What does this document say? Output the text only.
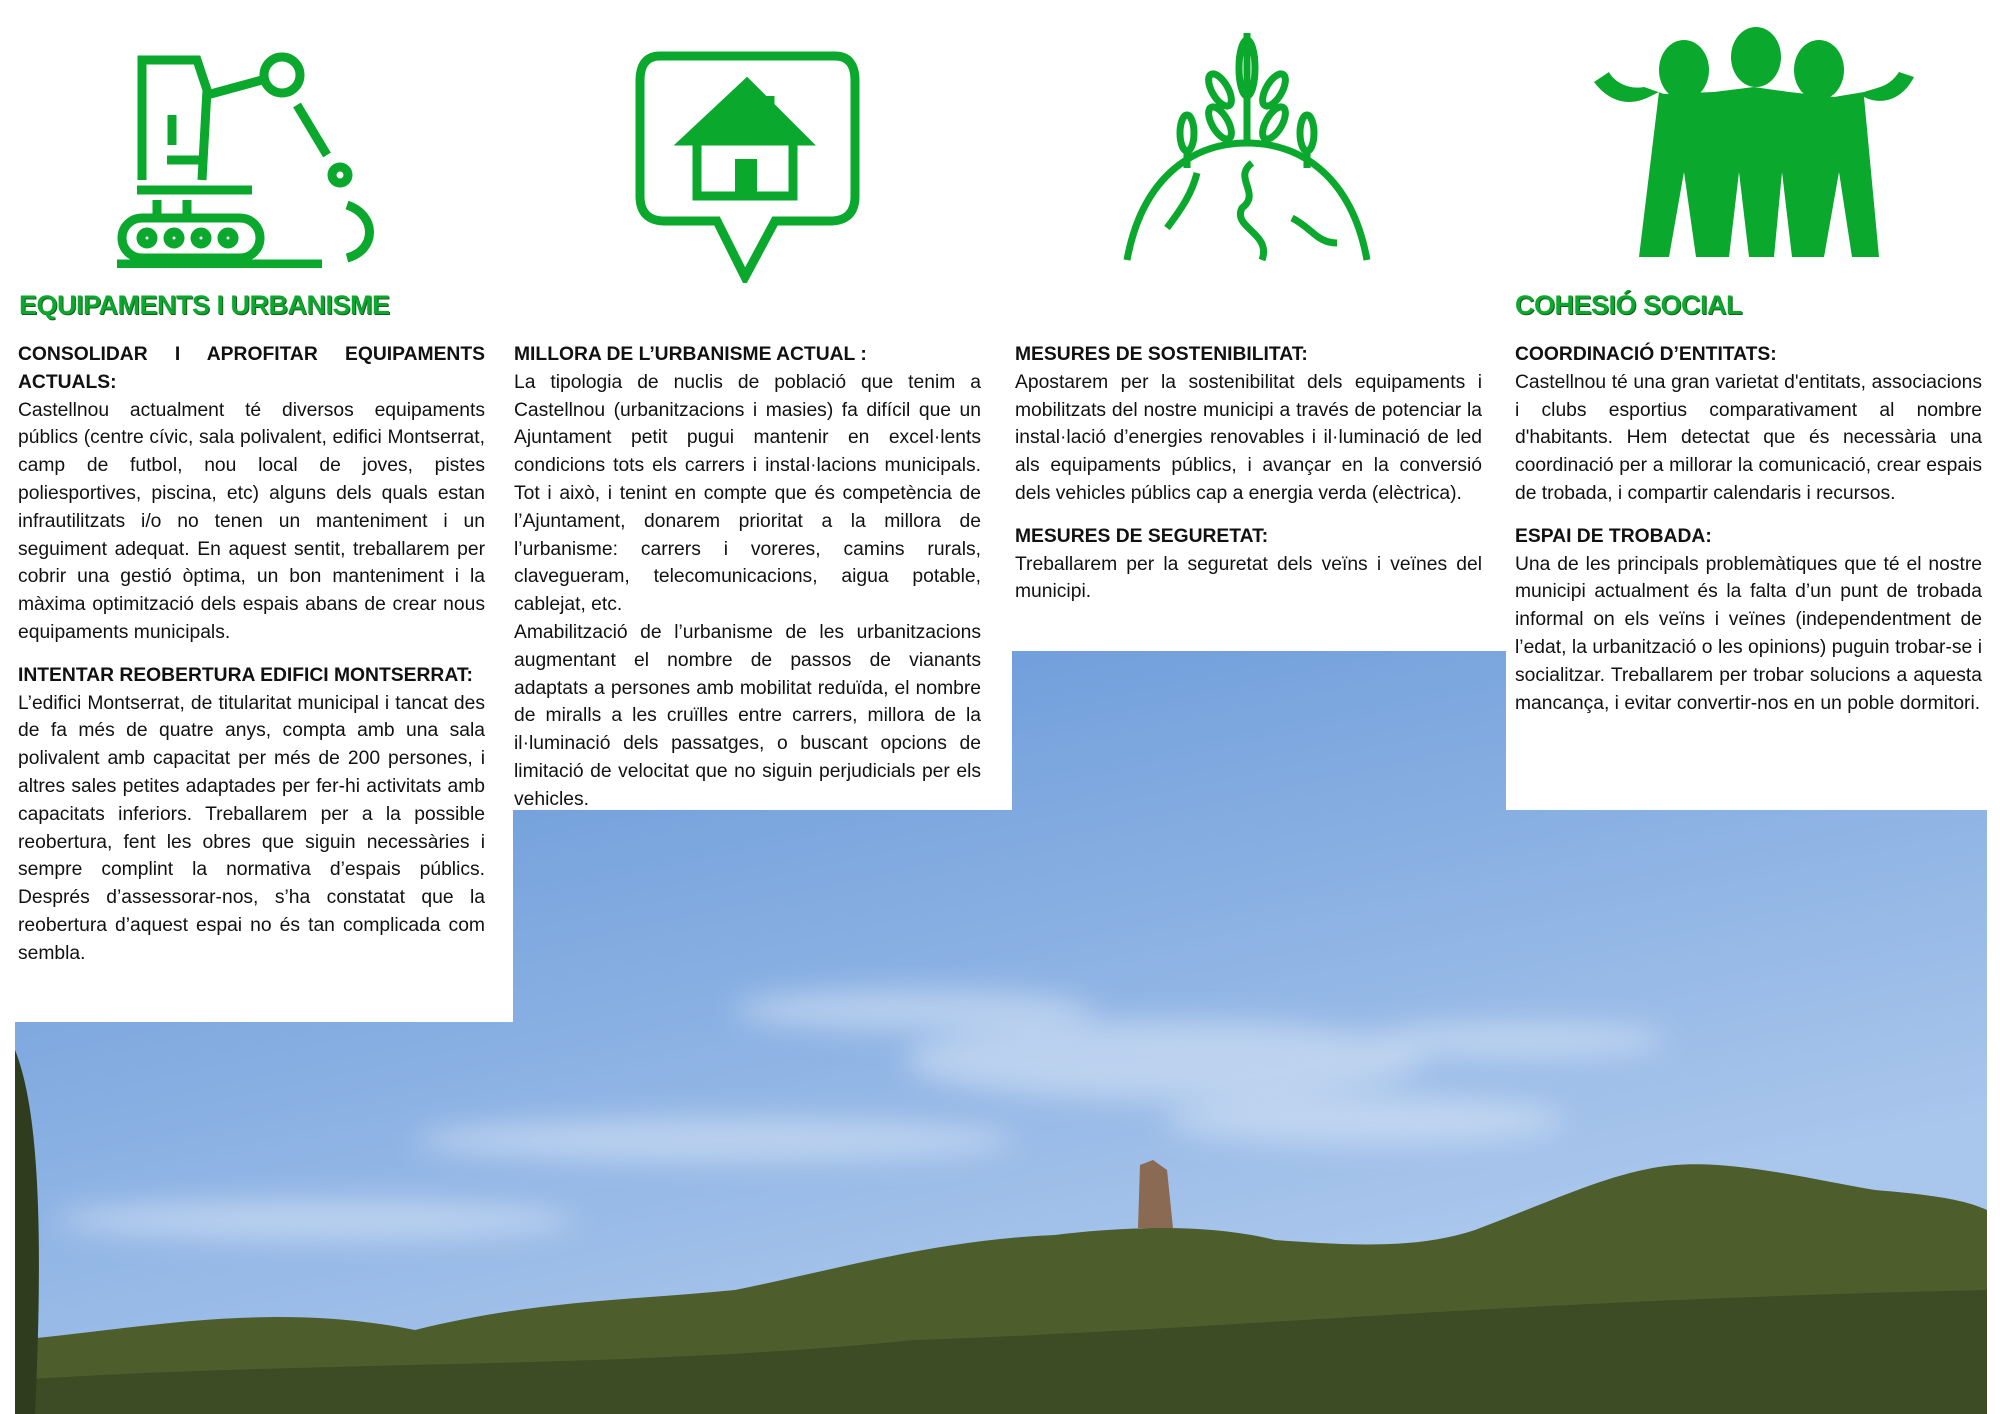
EQUIPAMENTS I URBANISME	COHESIÓ SOCIAL
CONSOLIDAR I APROFITAR EQUIPAMENTS ACTUALS:

Castellnou actualment té diversos equipaments públics (centre cívic, sala polivalent, edifici Montserrat, camp de futbol, nou local de joves, pistes poliesportives, piscina, etc) alguns dels quals estan infrautilitzats i/o no tenen un manteniment i un seguiment adequat. En aquest sentit, treballarem per cobrir una gestió òptima, un bon manteniment i la màxima optimització dels espais abans de crear nous equipaments municipals.

INTENTAR REOBERTURA EDIFICI MONTSERRAT:

L’edifici Montserrat, de titularitat municipal i tancat des de fa més de quatre anys, compta amb una sala polivalent amb capacitat per més de 200 persones, i altres sales petites adaptades per fer-hi activitats amb capacitats inferiors. Treballarem per a la possible reobertura, fent les obres que siguin necessàries i sempre complint la normativa d’espais públics. Després d’assessorar-nos, s’ha constatat que la reobertura d’aquest espai no és tan complicada com sembla.

MILLORA DE L’URBANISME ACTUAL :

La tipologia de nuclis de població que tenim a Castellnou (urbanitzacions i masies) fa difícil que un Ajuntament petit pugui mantenir en excel·lents condicions tots els carrers i instal·lacions municipals. Tot i això, i tenint en compte que és competència de l’Ajuntament, donarem prioritat a la millora de l’urbanisme: carrers i voreres, camins rurals, clavegueram, telecomunicacions, aigua potable, cablejat, etc.

Amabilització de l’urbanisme de les urbanitzacions augmentant el nombre de passos de vianants adaptats a persones amb mobilitat reduïda, el nombre de miralls a les cruïlles entre carrers, millora de la il·luminació dels passatges, o buscant opcions de limitació de velocitat que no siguin perjudicials per els vehicles.

MESURES DE SOSTENIBILITAT:

Apostarem per la sostenibilitat dels equipaments i mobilitzats del nostre municipi a través de potenciar la instal·lació d’energies renovables i il·luminació de led als equipaments públics, i avançar en la conversió dels vehicles públics cap a energia verda (elèctrica).

MESURES DE SEGURETAT:

Treballarem per la seguretat dels veïns i veïnes del municipi.

COORDINACIÓ D’ENTITATS:

Castellnou té una gran varietat d'entitats, associacions i clubs esportius comparativament al nombre d'habitants. Hem detectat que és necessària una coordinació per a millorar la comunicació, crear espais de trobada, i compartir calendaris i recursos.

ESPAI DE TROBADA:

Una de les principals problemàtiques que té el nostre municipi actualment és la falta d’un punt de trobada informal on els veïns i veïnes (independentment de l’edat, la urbanització o les opinions) puguin trobar-se i socialitzar. Treballarem per trobar solucions a aquesta mancança, i evitar convertir-nos en un poble dormitori.
